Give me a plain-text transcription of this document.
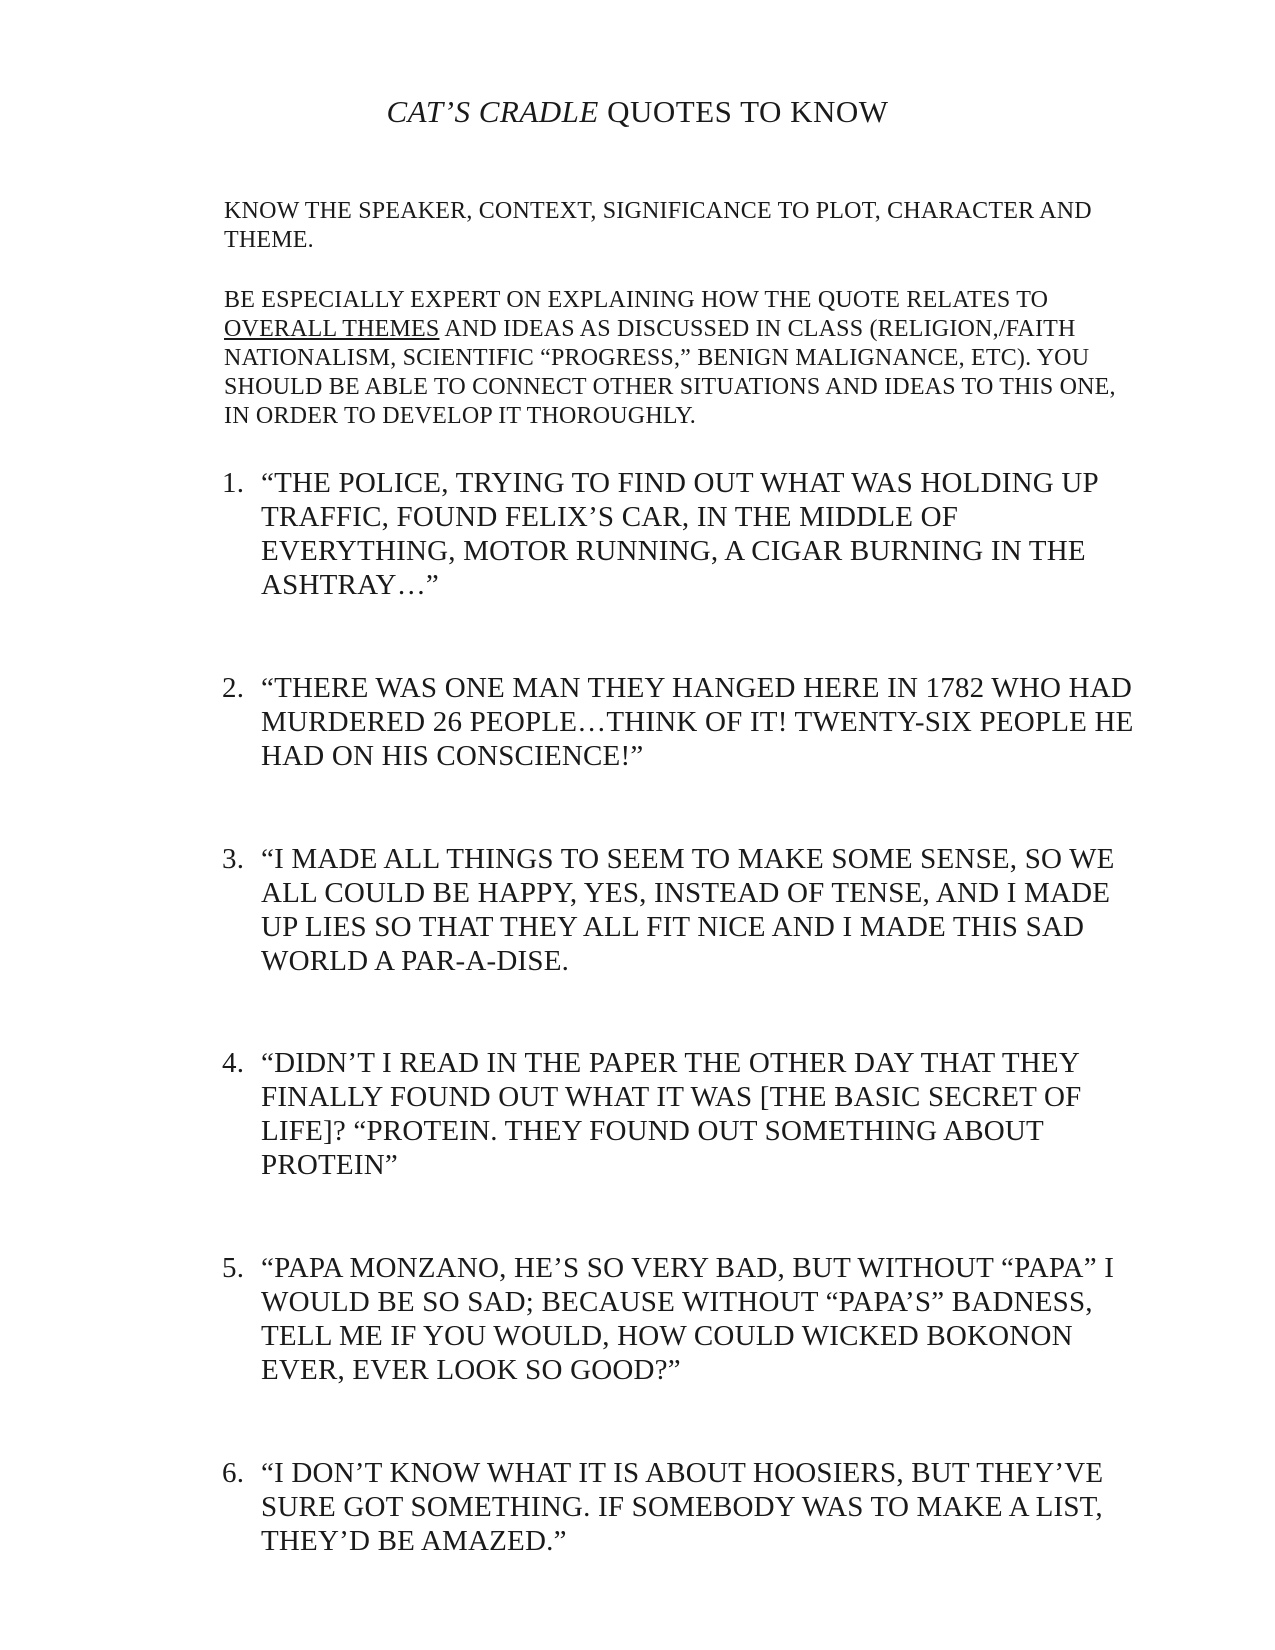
CAT’S CRADLE QUOTES TO KNOW

KNOW THE SPEAKER, CONTEXT, SIGNIFICANCE TO PLOT, CHARACTER AND THEME.

BE ESPECIALLY EXPERT ON EXPLAINING HOW THE QUOTE RELATES TO OVERALL THEMES AND IDEAS AS DISCUSSED IN CLASS (RELIGION,/FAITH NATIONALISM, SCIENTIFIC “PROGRESS,” BENIGN MALIGNANCE, ETC). YOU SHOULD BE ABLE TO CONNECT OTHER SITUATIONS AND IDEAS TO THIS ONE, IN ORDER TO DEVELOP IT THOROUGHLY.

1. “THE POLICE, TRYING TO FIND OUT WHAT WAS HOLDING UP TRAFFIC, FOUND FELIX’S CAR, IN THE MIDDLE OF EVERYTHING, MOTOR RUNNING, A CIGAR BURNING IN THE ASHTRAY…”
2. “THERE WAS ONE MAN THEY HANGED HERE IN 1782 WHO HAD MURDERED 26 PEOPLE…THINK OF IT! TWENTY-SIX PEOPLE HE HAD ON HIS CONSCIENCE!”
3. “I MADE ALL THINGS TO SEEM TO MAKE SOME SENSE, SO WE ALL COULD BE HAPPY, YES, INSTEAD OF TENSE, AND I MADE UP LIES SO THAT THEY ALL FIT NICE AND I MADE THIS SAD WORLD A PAR-A-DISE.
4. “DIDN’T I READ IN THE PAPER THE OTHER DAY THAT THEY FINALLY FOUND OUT WHAT IT WAS [THE BASIC SECRET OF LIFE]? “PROTEIN. THEY FOUND OUT SOMETHING ABOUT PROTEIN”
5. “PAPA MONZANO, HE’S SO VERY BAD, BUT WITHOUT “PAPA” I WOULD BE SO SAD; BECAUSE WITHOUT “PAPA’S” BADNESS, TELL ME IF YOU WOULD, HOW COULD WICKED BOKONON EVER, EVER LOOK SO GOOD?”
6. “I DON’T KNOW WHAT IT IS ABOUT HOOSIERS, BUT THEY’VE SURE GOT SOMETHING. IF SOMEBODY WAS TO MAKE A LIST, THEY’D BE AMAZED.”
